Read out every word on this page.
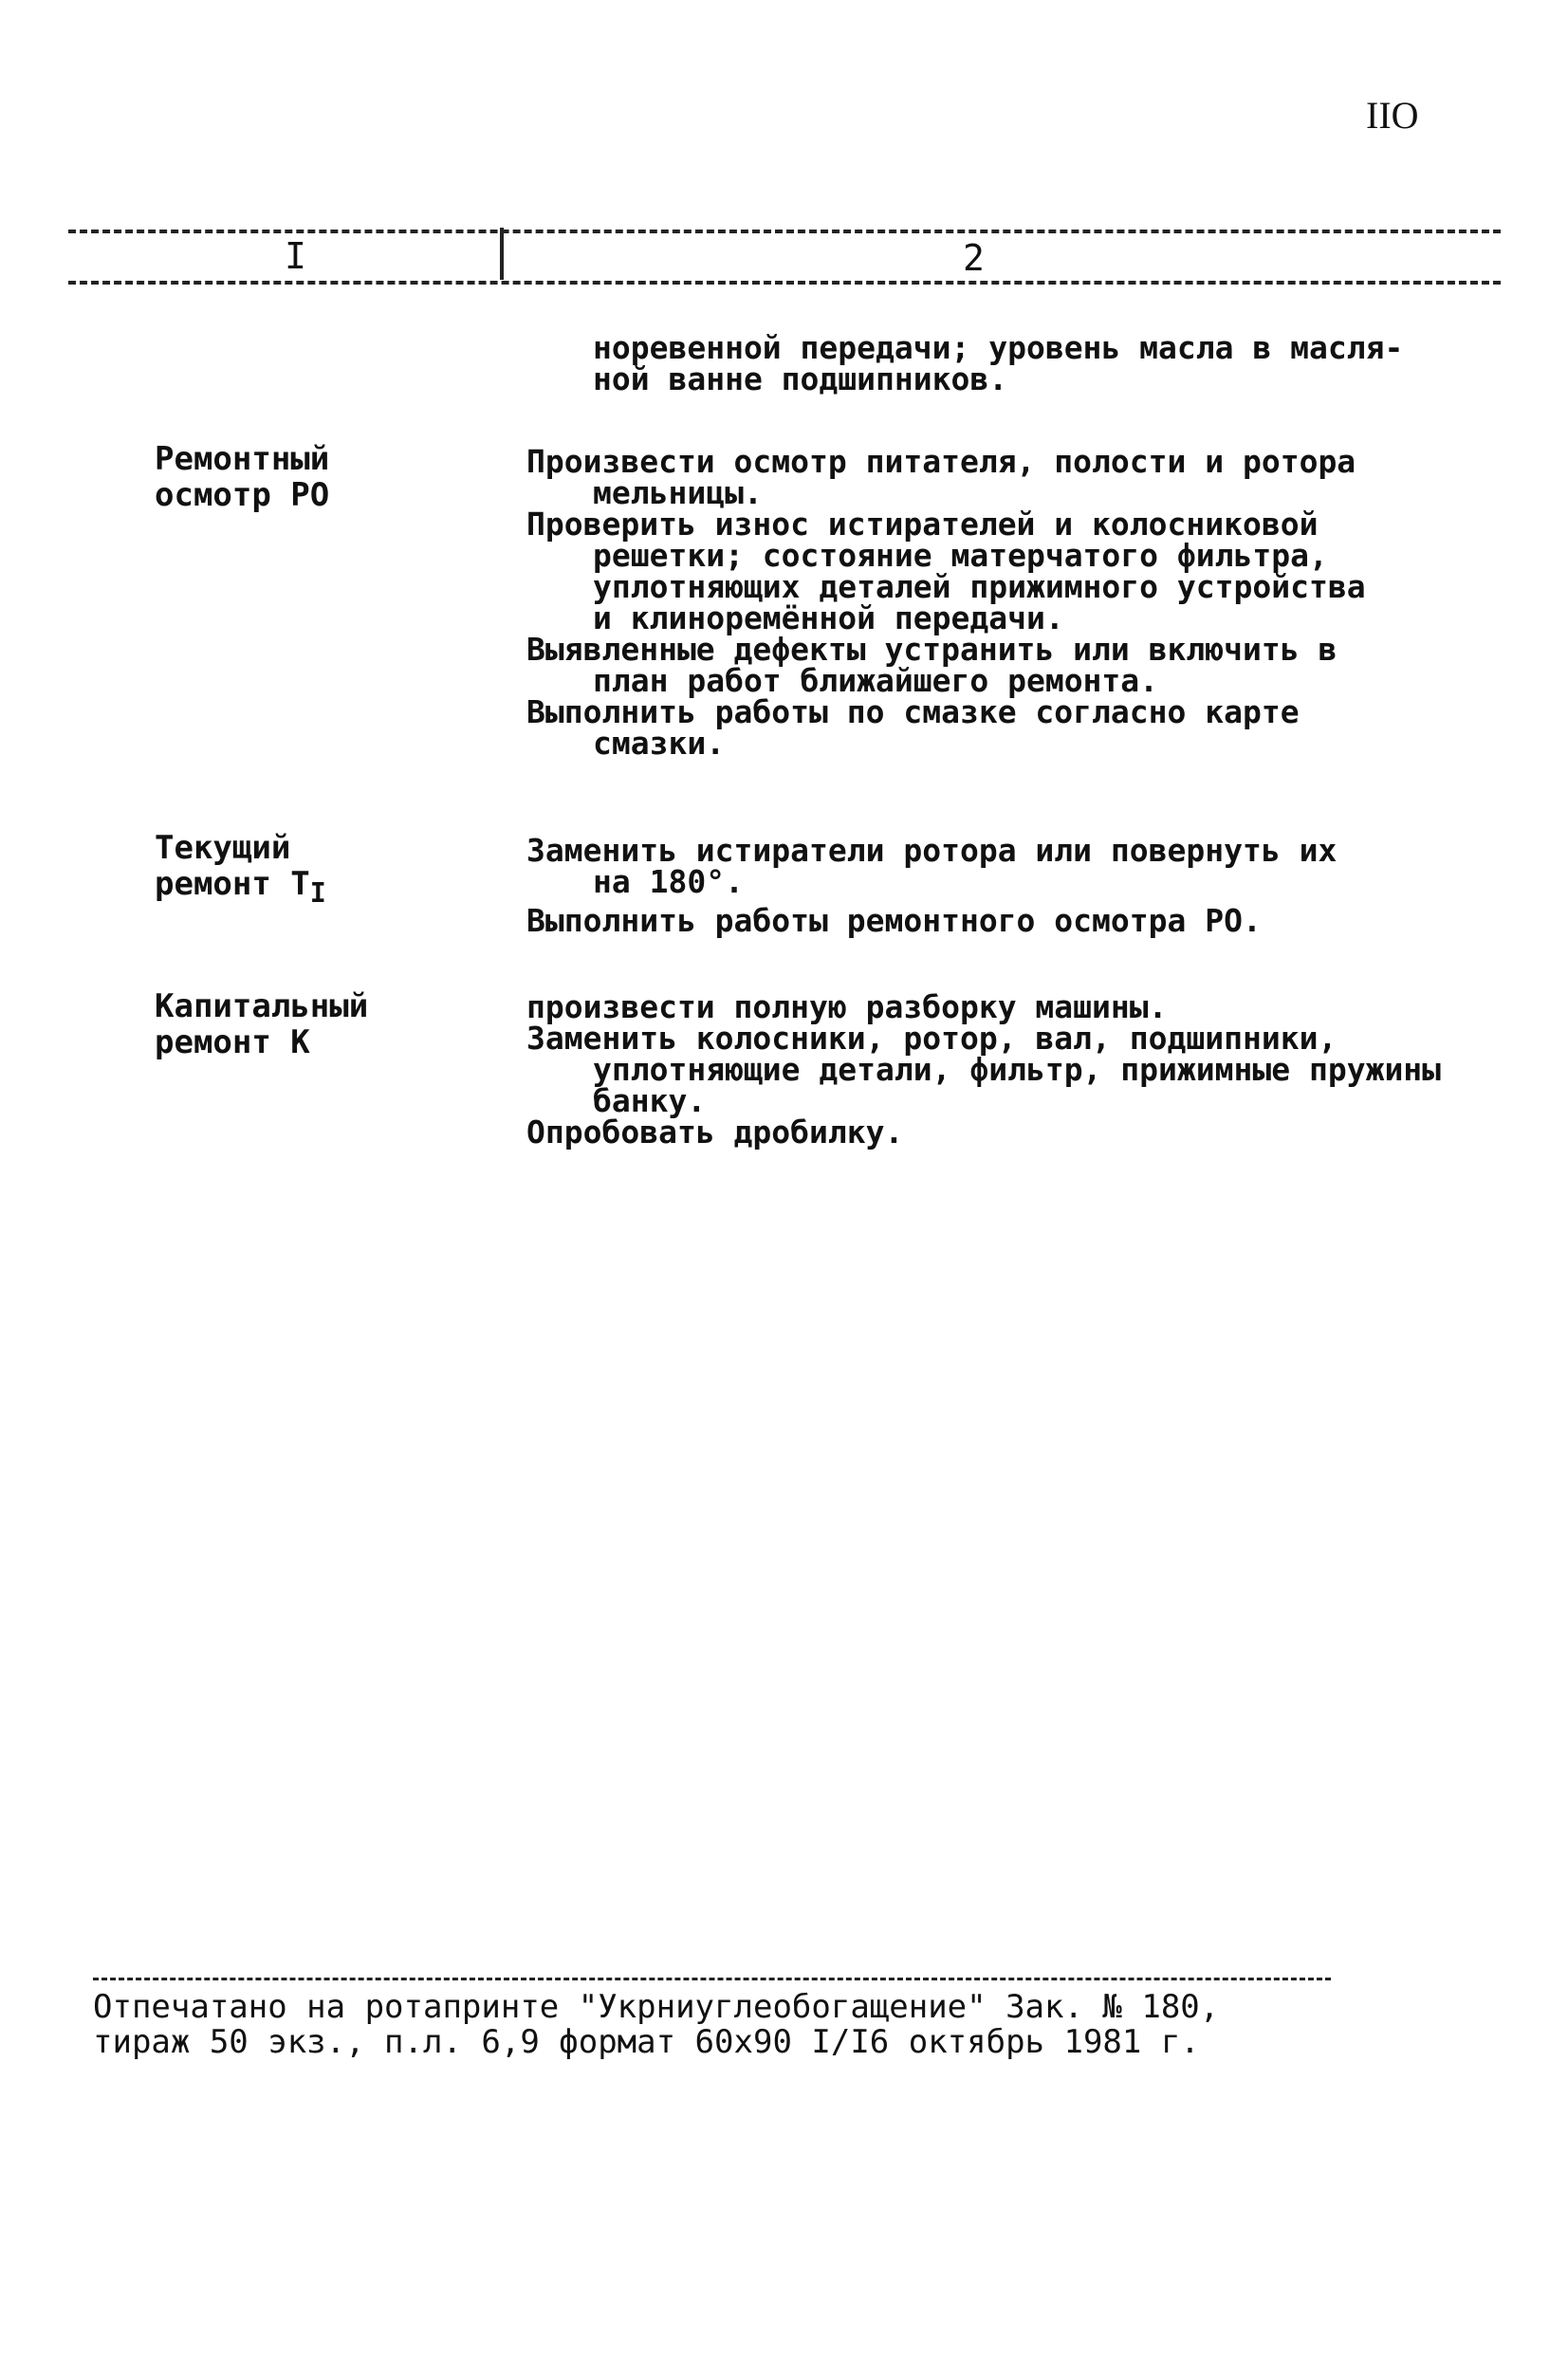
IIO
I	2
норевенной передачи; уровень масла в масля-
ной ванне подшипников.
Ремонтный
осмотр РО
Произвести осмотр питателя, полости и ротора
мельницы.
Проверить износ истирателей и колосниковой
решетки; состояние матерчатого фильтра,
уплотняющих деталей прижимного устройства
и клиноремённой передачи.
Выявленные дефекты устранить или включить в
план работ ближайшего ремонта.
Выполнить работы по смазке согласно карте
смазки.
Текущий
ремонт $Т_I$
Заменить истиратели ротора или повернуть их
на 180°.
Выполнить работы ремонтного осмотра РО.
Капитальный
ремонт К
произвести полную разборку машины.
Заменить колосники, ротор, вал, подшипники,
уплотняющие детали, фильтр, прижимные пружины
банку.
Опробовать дробилку.
Отпечатано на ротапринте "Укрниуглеобогащение" Зак. № 180,
тираж 50 экз., п.л. 6,9 формат 60х90 I/I6 октябрь 1981 г.
